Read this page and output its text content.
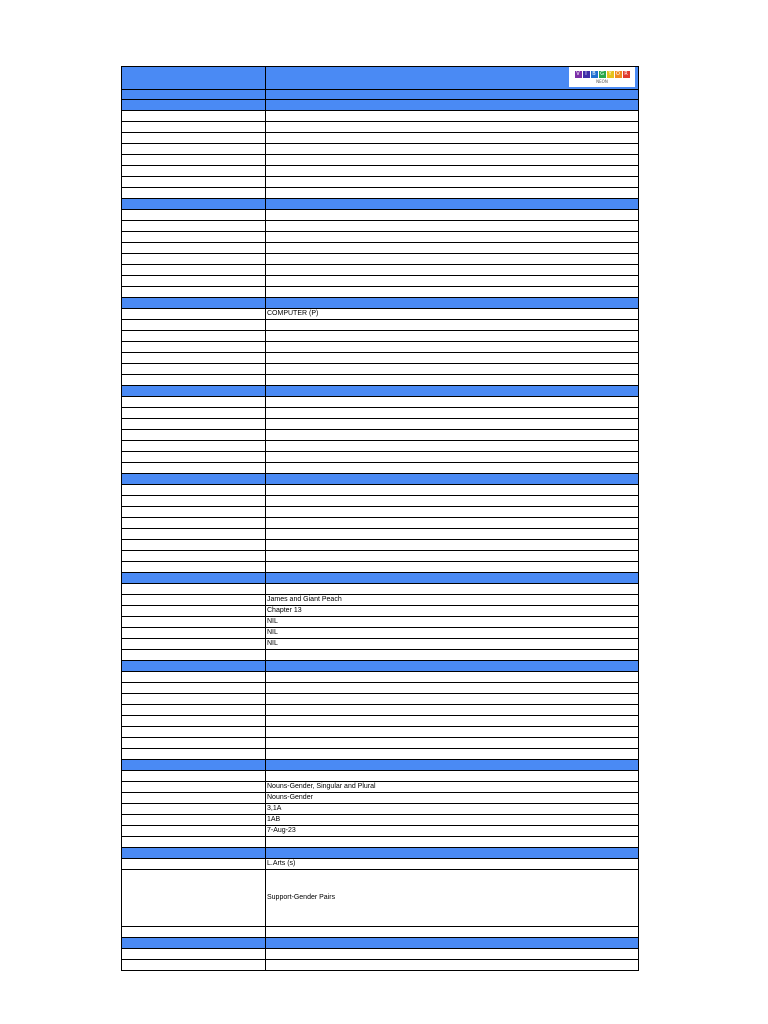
V	I	B G Y O R
NEON
COMPUTER (P)
James and Giant Peach
Chapter 13
NIL
NIL
NIL
Nouns-Gender, Singular and Plural
Nouns-Gender
3,1A
1AB
7-Aug-23
L.Arts (s)
Support-Gender Pairs
